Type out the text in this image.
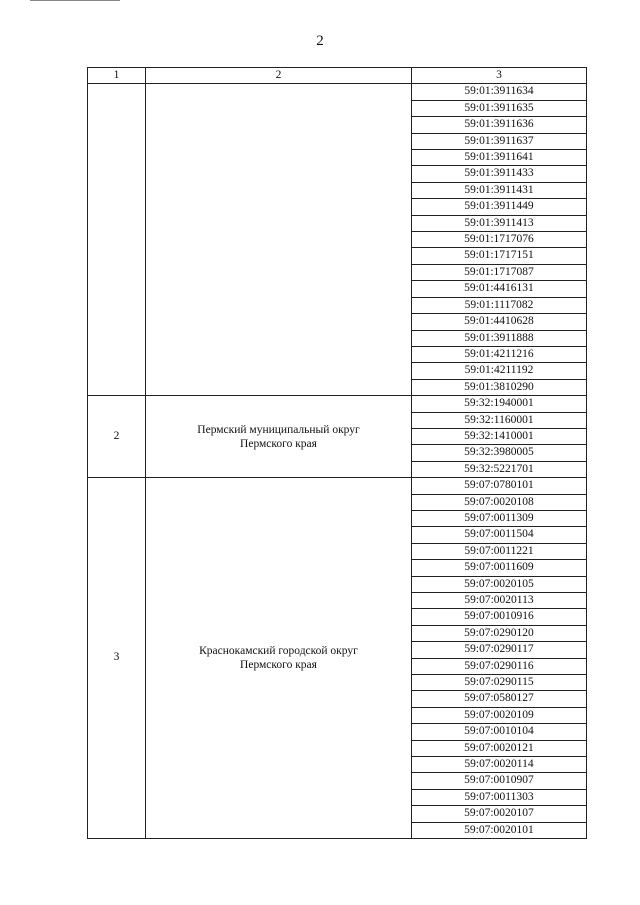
2
1	2	3
		59:01:3911634
		59:01:3911635
		59:01:3911636
		59:01:3911637
		59:01:3911641
		59:01:3911433
		59:01:3911431
		59:01:3911449
		59:01:3911413
		59:01:1717076
		59:01:1717151
		59:01:1717087
		59:01:4416131
		59:01:1117082
		59:01:4410628
		59:01:3911888
		59:01:4211216
		59:01:4211192
		59:01:3810290
2	Пермский муниципальный округ
Пермского края	59:32:1940001
		59:32:1160001
		59:32:1410001
		59:32:3980005
		59:32:5221701
3	Краснокамский городской округ
Пермского края	59:07:0780101
		59:07:0020108
		59:07:0011309
		59:07:0011504
		59:07:0011221
		59:07:0011609
		59:07:0020105
		59:07:0020113
		59:07:0010916
		59:07:0290120
		59:07:0290117
		59:07:0290116
		59:07:0290115
		59:07:0580127
		59:07:0020109
		59:07:0010104
		59:07:0020121
		59:07:0020114
		59:07:0010907
		59:07:0011303
		59:07:0020107
		59:07:0020101
